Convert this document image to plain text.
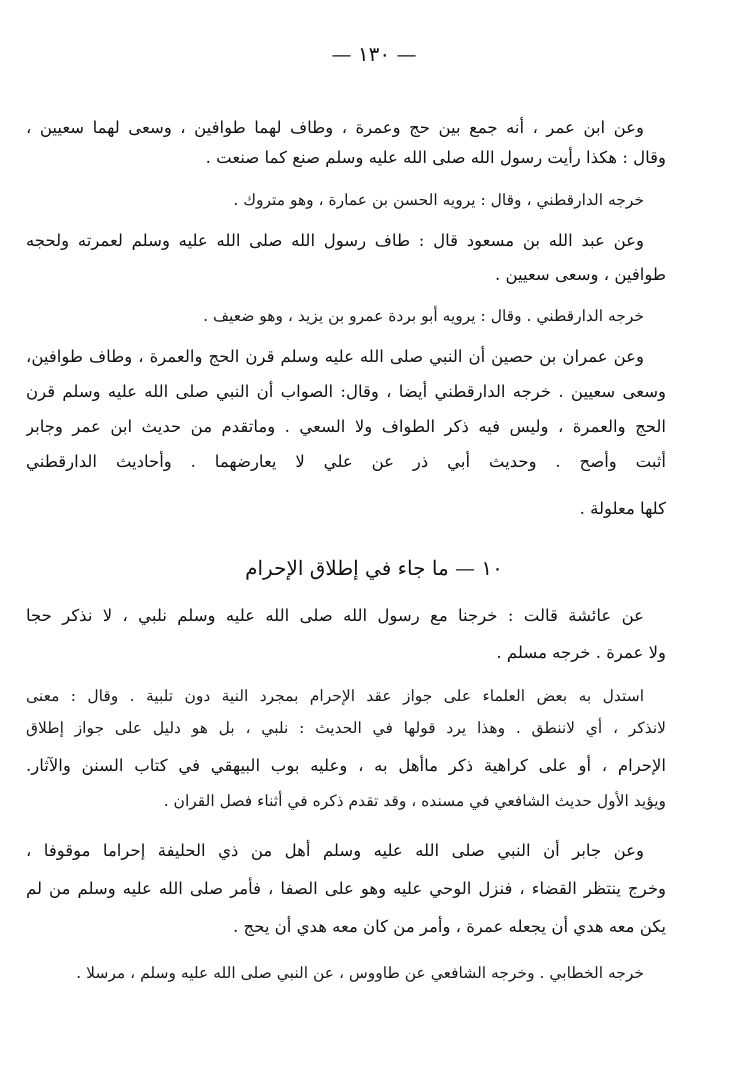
— ١٣٠ —
وعن ابن عمر ، أنه جمع بين حج وعمرة ، وطاف لهما طوافين ، وسعى لهما سعيين ،
وقال : هكذا رأيت رسول الله صلى الله عليه وسلم صنع كما صنعت .
خرجه الدارقطني ، وقال : يرويه الحسن بن عمارة ، وهو متروك .
وعن عبد الله بن مسعود قال : طاف رسول الله صلى الله عليه وسلم لعمرته ولحجه
طوافين ، وسعى سعيين .
خرجه الدارقطني . وقال : يرويه أبو بردة عمرو بن يزيد ، وهو ضعيف .
وعن عمران بن حصين أن النبي صلى الله عليه وسلم قرن الحج والعمرة ، وطاف طوافين،
وسعى سعيين . خرجه الدارقطني أيضا ، وقال: الصواب أن النبي صلى الله عليه وسلم قرن
الحج والعمرة ، وليس فيه ذكر الطواف ولا السعي . وماتقدم من حديث ابن عمر وجابر
أثبت وأصح . وحديث أبي ذر عن علي لا يعارضهما . وأحاديث الدارقطني
كلها معلولة .
١٠ — ما جاء في إطلاق الإحرام
عن عائشة قالت : خرجنا مع رسول الله صلى الله عليه وسلم نلبي ، لا نذكر حجا
ولا عمرة . خرجه مسلم .
استدل به بعض العلماء على جواز عقد الإحرام بمجرد النية دون تلبية . وقال : معنى
لانذكر ، أي لاننطق . وهذا يرد قولها في الحديث : نلبي ، بل هو دليل على جواز إطلاق
الإحرام ، أو على كراهية ذكر ماأهل به ، وعليه بوب البيهقي في كتاب السنن والآثار.
ويؤيد الأول حديث الشافعي في مسنده ، وقد تقدم ذكره في أثناء فصل القران .
وعن جابر أن النبي صلى الله عليه وسلم أهل من ذي الحليفة إحراما موقوفا ،
وخرج ينتظر القضاء ، فنزل الوحي عليه وهو على الصفا ، فأمر صلى الله عليه وسلم من لم
يكن معه هدي أن يجعله عمرة ، وأمر من كان معه هدي أن يحج .
خرجه الخطابي . وخرجه الشافعي عن طاووس ، عن النبي صلى الله عليه وسلم ، مرسلا .
